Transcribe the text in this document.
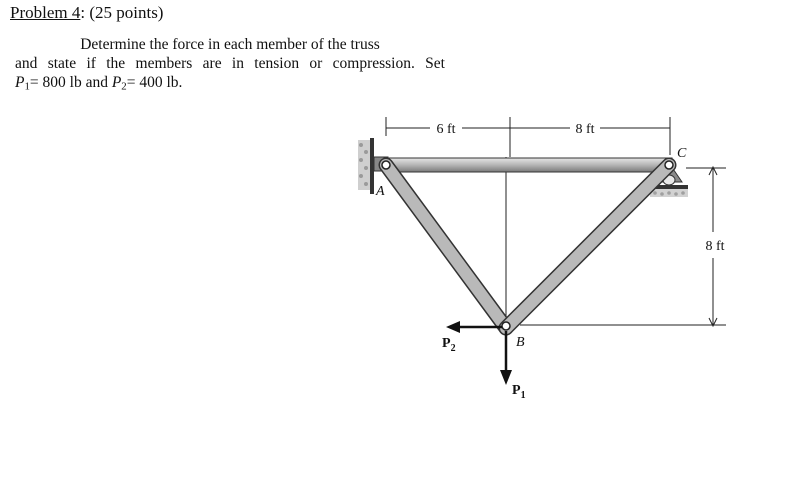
Problem 4: (25 points)
Determine the force in each member of the truss
and state if the members are in tension or compression. Set
$P_1= 800$ lb and $P_2= 400$ lb.
6 ft	8 ft
8 ft
A
B
C
$P_2$
$P_1$
